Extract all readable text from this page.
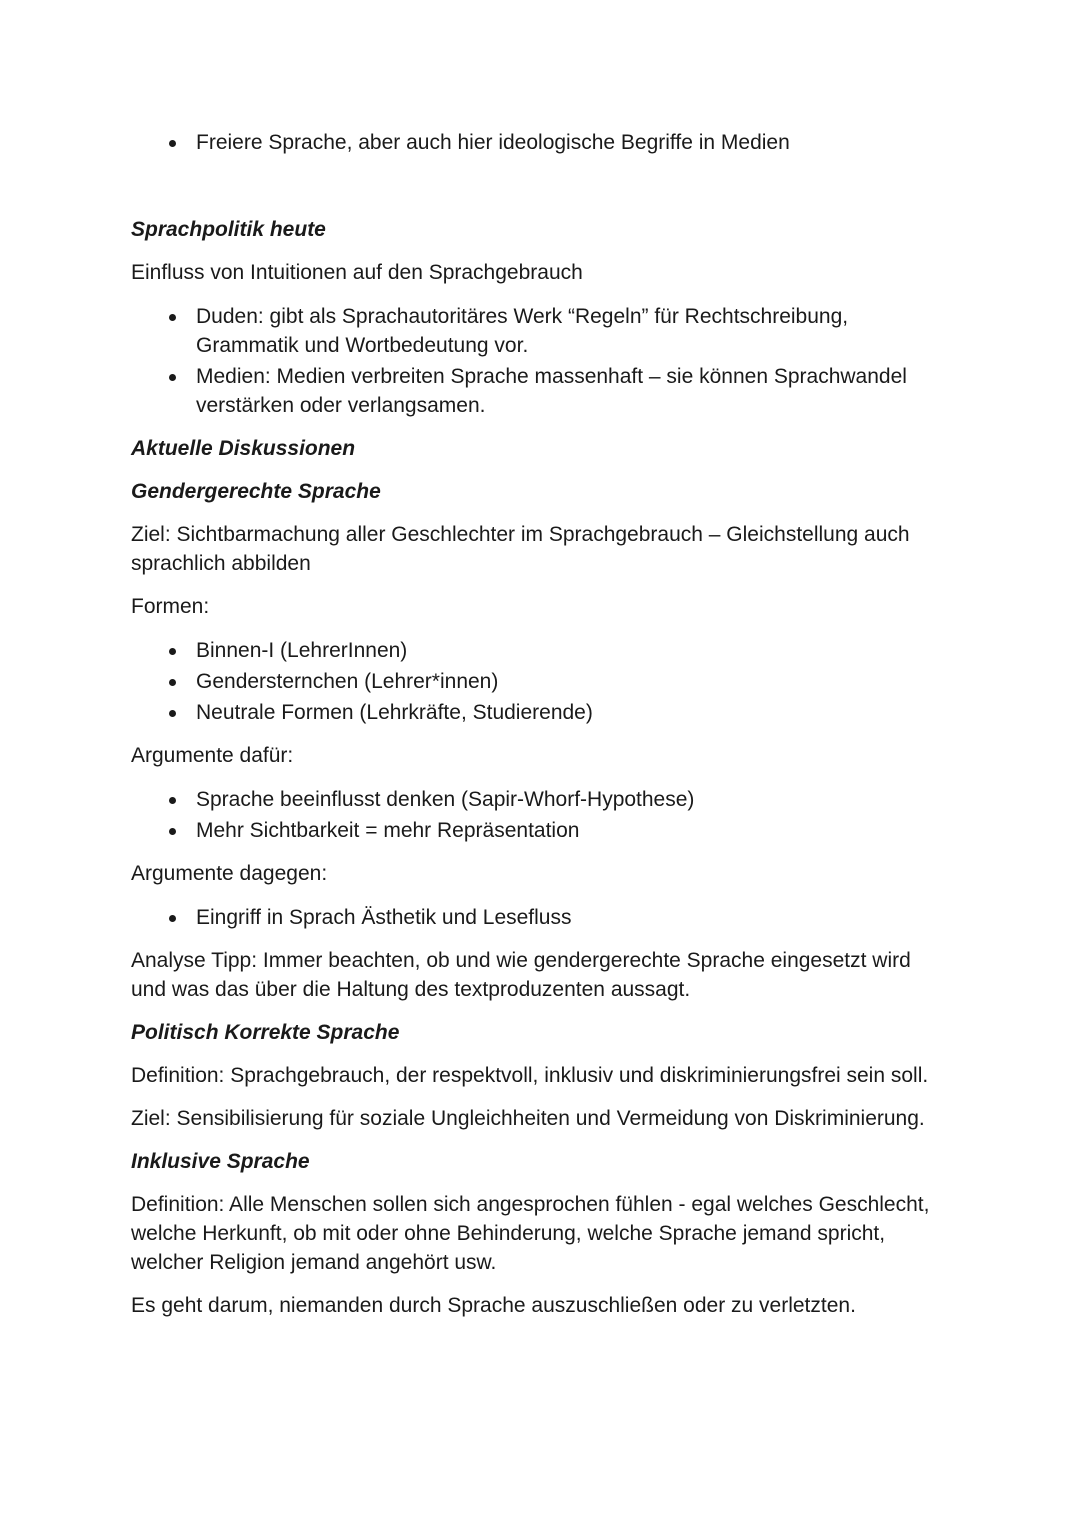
Freiere Sprache, aber auch hier ideologische Begriffe in Medien
Sprachpolitik heute

Einfluss von Intuitionen auf den Sprachgebrauch

Duden: gibt als Sprachautoritäres Werk “Regeln” für Rechtschreibung, Grammatik und Wortbedeutung vor.
Medien: Medien verbreiten Sprache massenhaft – sie können Sprachwandel verstärken oder verlangsamen.
Aktuelle Diskussionen
Gendergerechte Sprache

Ziel: Sichtbarmachung aller Geschlechter im Sprachgebrauch – Gleichstellung auch sprachlich abbilden

Formen:

Binnen-I (LehrerInnen)
Gendersternchen (Lehrer*innen)
Neutrale Formen (Lehrkräfte, Studierende)

Argumente dafür:

Sprache beeinflusst denken (Sapir-Whorf-Hypothese)
Mehr Sichtbarkeit = mehr Repräsentation

Argumente dagegen:

Eingriff in Sprach Ästhetik und Lesefluss

Analyse Tipp: Immer beachten, ob und wie gendergerechte Sprache eingesetzt wird und was das über die Haltung des textproduzenten aussagt.

Politisch Korrekte Sprache

Definition: Sprachgebrauch, der respektvoll, inklusiv und diskriminierungsfrei sein soll.

Ziel: Sensibilisierung für soziale Ungleichheiten und Vermeidung von Diskriminierung.

Inklusive Sprache

Definition: Alle Menschen sollen sich angesprochen fühlen - egal welches Geschlecht, welche Herkunft, ob mit oder ohne Behinderung, welche Sprache jemand spricht, welcher Religion jemand angehört usw.

Es geht darum, niemanden durch Sprache auszuschließen oder zu verletzten.
